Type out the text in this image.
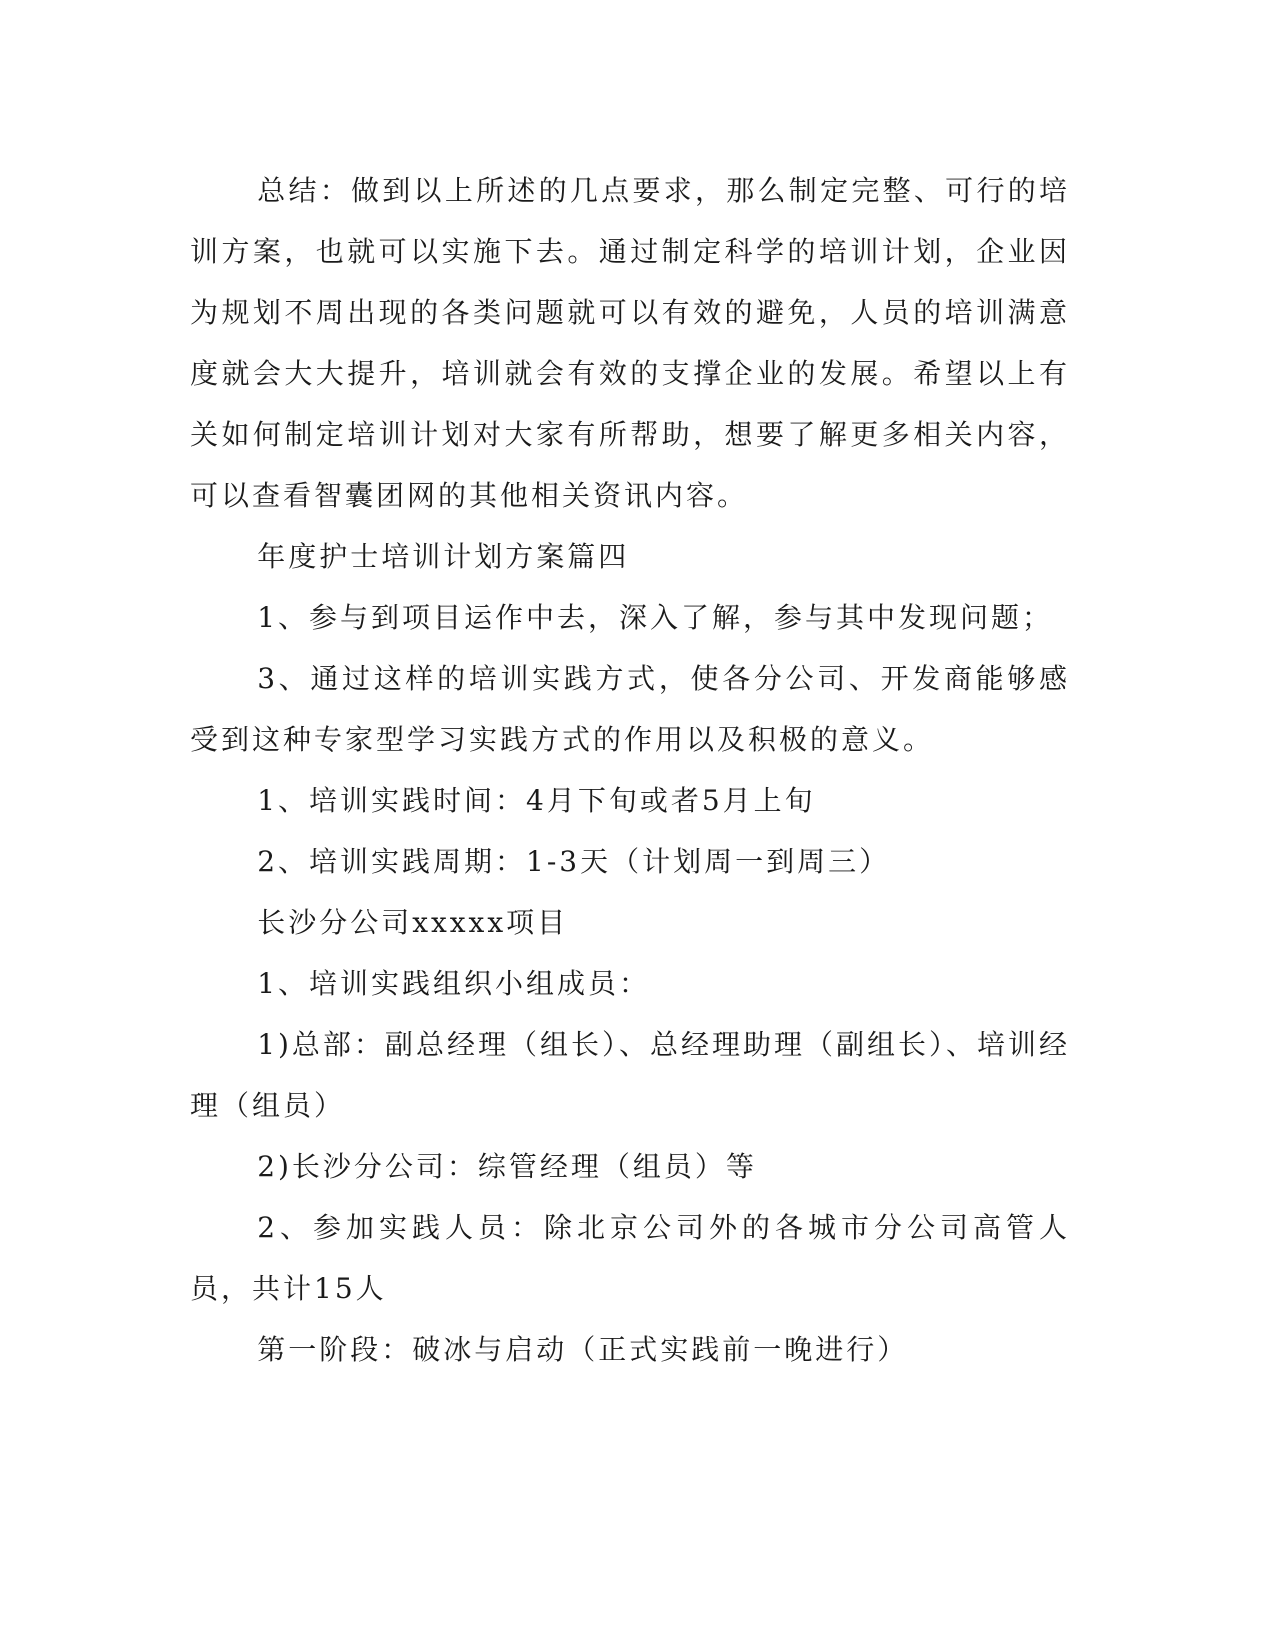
总结：做到以上所述的几点要求，那么制定完整、可行的培训方案，也就可以实施下去。通过制定科学的培训计划，企业因为规划不周出现的各类问题就可以有效的避免，人员的培训满意度就会大大提升，培训就会有效的支撑企业的发展。希望以上有关如何制定培训计划对大家有所帮助，想要了解更多相关内容，可以查看智囊团网的其他相关资讯内容。

年度护士培训计划方案篇四

1、参与到项目运作中去，深入了解，参与其中发现问题；

3、通过这样的培训实践方式，使各分公司、开发商能够感受到这种专家型学习实践方式的作用以及积极的意义。

1、培训实践时间：4月下旬或者5月上旬

2、培训实践周期：1-3天（计划周一到周三）

长沙分公司xxxxx项目

1、培训实践组织小组成员：

1)总部：副总经理（组长）、总经理助理（副组长）、培训经理（组员）

2)长沙分公司：综管经理（组员）等

2、参加实践人员：除北京公司外的各城市分公司高管人员，共计15人

第一阶段：破冰与启动（正式实践前一晚进行）
